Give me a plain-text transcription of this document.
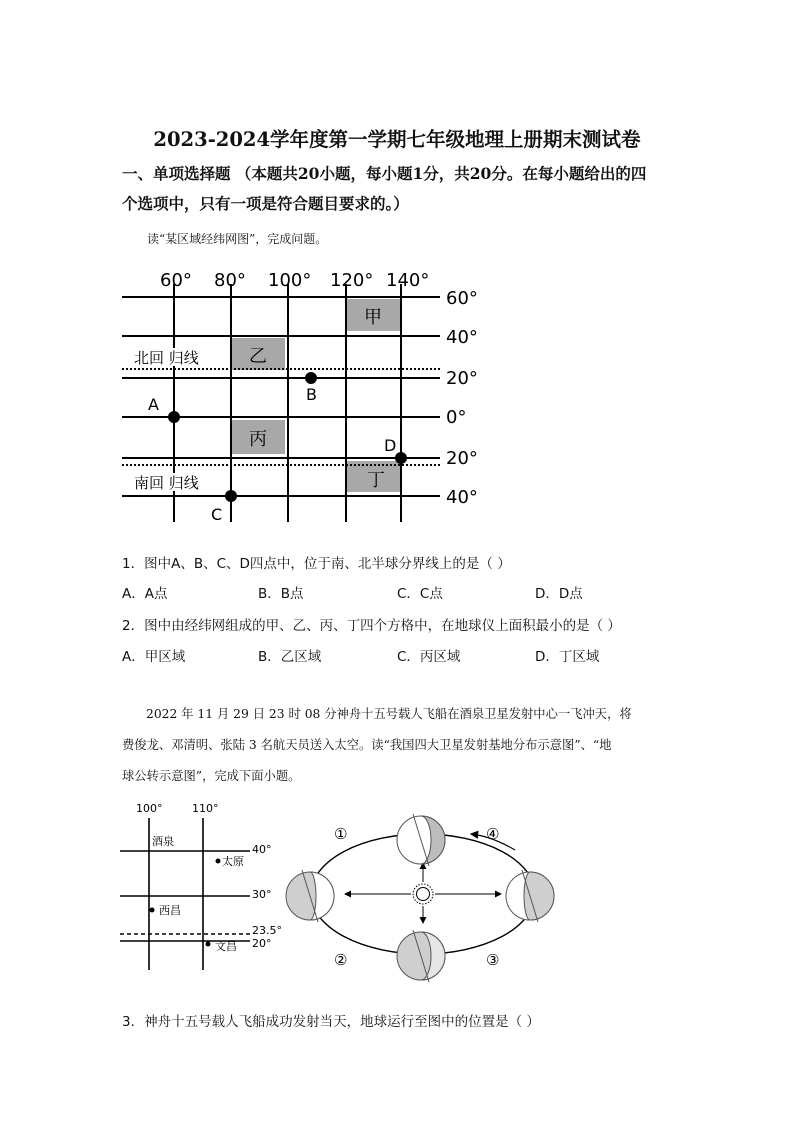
2023-2024学年度第一学期七年级地理上册期末测试卷
一、单项选择题 （本题共20小题，每小题1分，共20分。在每小题给出的四
个选项中，只有一项是符合题目要求的。）
读“某区域经纬网图”，完成问题。
北回 归线
南回 归线
60° 80° 100° 120° 140°
60°
40°
20°
0°
20°
40°
甲
乙
丙
丁
A
B
C
D
1．图中A、B、C、D四点中，位于南、北半球分界线上的是（ ）
A．A点	B．B点	C．C点	D．D点
2．图中由经纬网组成的甲、乙、丙、丁四个方格中，在地球仪上面积最小的是（ ）
A．甲区域	B．乙区域	C．丙区域	D．丁区域
2022 年 11 月 29 日 23 时 08 分神舟十五号载人飞船在酒泉卫星发射中心一飞冲天，将
费俊龙、邓清明、张陆 3 名航天员送入太空。读“我国四大卫星发射基地分布示意图”、“地
球公转示意图”，完成下面小题。
100°	110°
40°
30°
23.5°
20°
酒泉
太原
西昌
文昌
①
②	③
④
3．神舟十五号载人飞船成功发射当天，地球运行至图中的位置是（ ）
